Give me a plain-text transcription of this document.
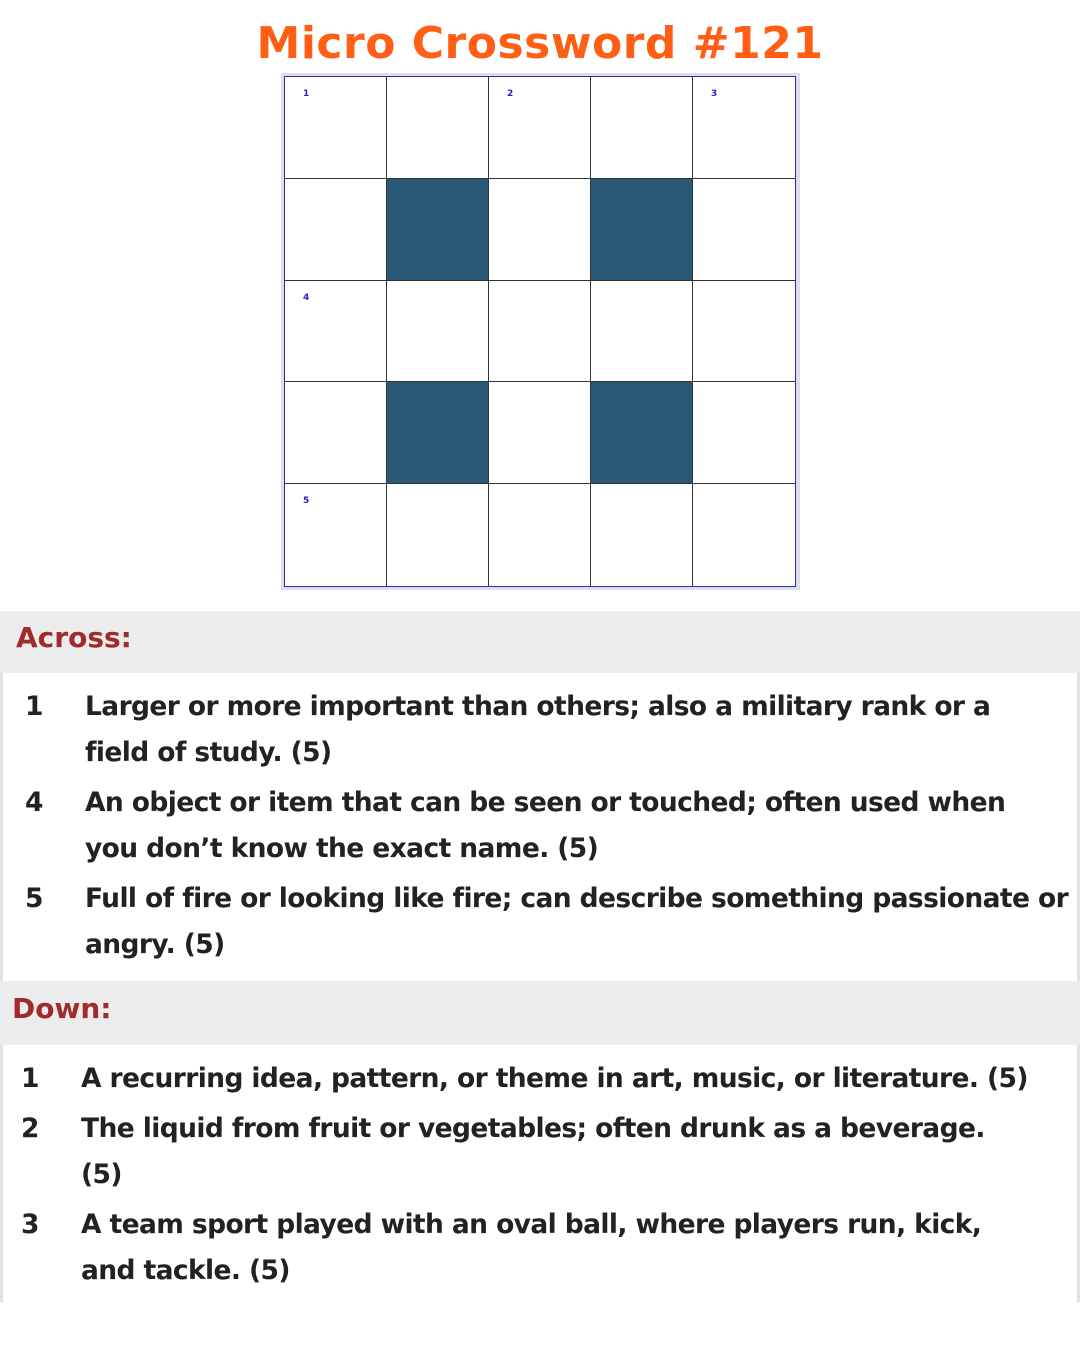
Micro Crossword #121
1	2	3
4
5
Across:
1 Larger or more important than others; also a military rank or a field of study. (5)
4 An object or item that can be seen or touched; often used when you don’t know the exact name. (5)
5 Full of fire or looking like fire; can describe something passionate or angry. (5)
Down:
1 A recurring idea, pattern, or theme in art, music, or literature. (5)
2 The liquid from fruit or vegetables; often drunk as a beverage. (5)
3 A team sport played with an oval ball, where players run, kick, and tackle. (5)
